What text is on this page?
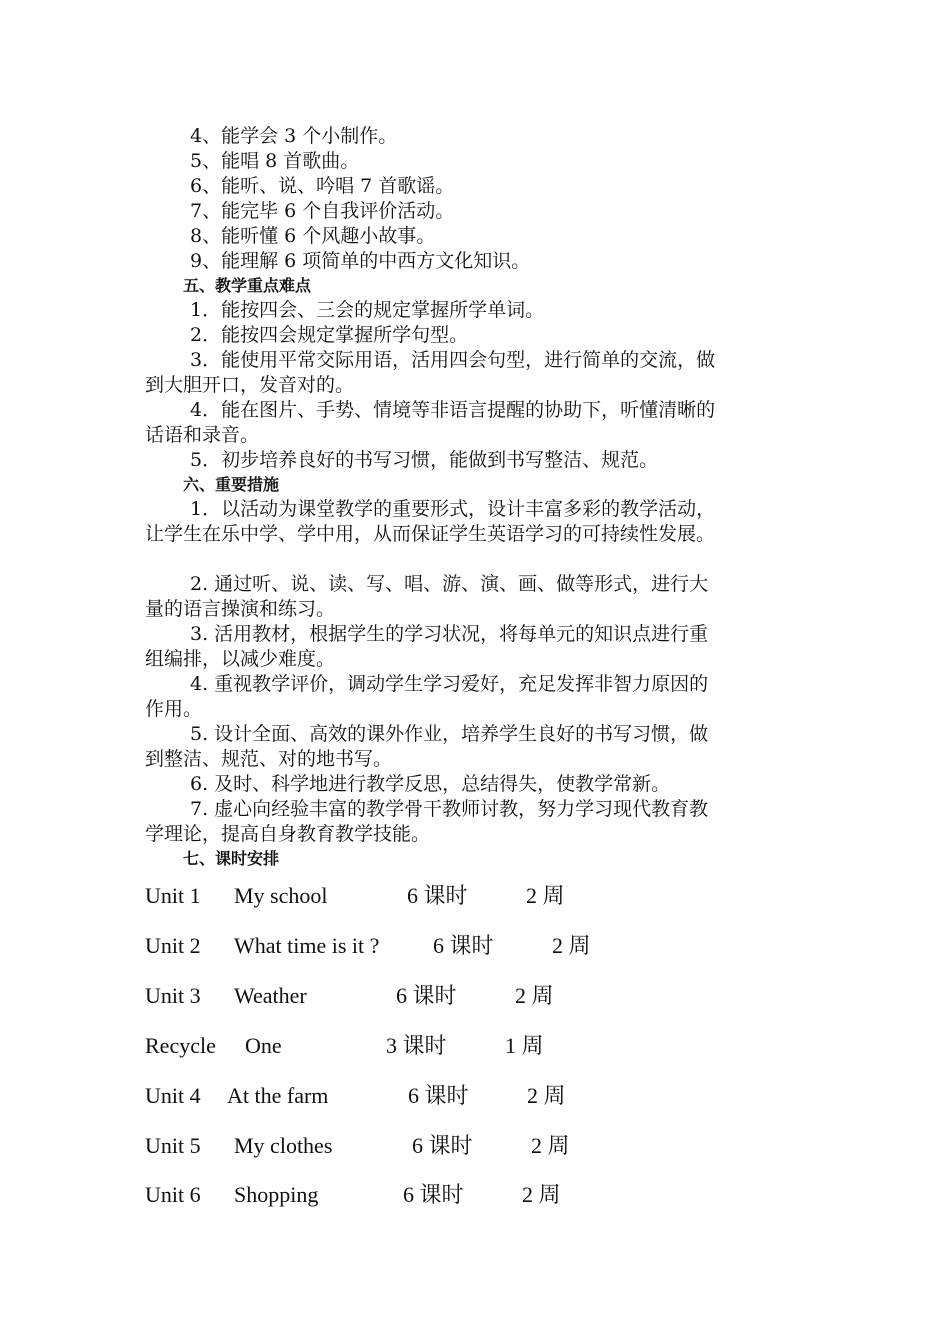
4、能学会 3 个小制作。
5、能唱 8 首歌曲。
6、能听、说、吟唱 7 首歌谣。
7、能完毕 6 个自我评价活动。
8、能听懂 6 个风趣小故事。
9、能理解 6 项简单的中西方文化知识。
五、教学重点难点
1．能按四会、三会的规定掌握所学单词。
2．能按四会规定掌握所学句型。
3．能使用平常交际用语，活用四会句型，进行简单的交流，做
到大胆开口，发音对的。
4．能在图片、手势、情境等非语言提醒的协助下，听懂清晰的
话语和录音。
5．初步培养良好的书写习惯，能做到书写整洁、规范。
六、重要措施
1．以活动为课堂教学的重要形式，设计丰富多彩的教学活动，
让学生在乐中学、学中用，从而保证学生英语学习的可持续性发展。
2. 通过听、说、读、写、唱、游、演、画、做等形式，进行大
量的语言操演和练习。
3. 活用教材，根据学生的学习状况，将每单元的知识点进行重
组编排，以减少难度。
4. 重视教学评价，调动学生学习爱好，充足发挥非智力原因的
作用。
5. 设计全面、高效的课外作业，培养学生良好的书写习惯，做
到整洁、规范、对的地书写。
6. 及时、科学地进行教学反思，总结得失，使教学常新。
7. 虚心向经验丰富的教学骨干教师讨教，努力学习现代教育教
学理论，提高自身教育教学技能。
七、课时安排
Unit 1 My school	6 课时	2 周
Unit 2 What time is it ? 6 课时	2 周
Unit 3 Weather	6 课时	2 周
Recycle One	3 课时	1 周
Unit 4 At the farm	6 课时	2 周
Unit 5 My clothes	6 课时	2 周
Unit 6 Shopping	6 课时	2 周
